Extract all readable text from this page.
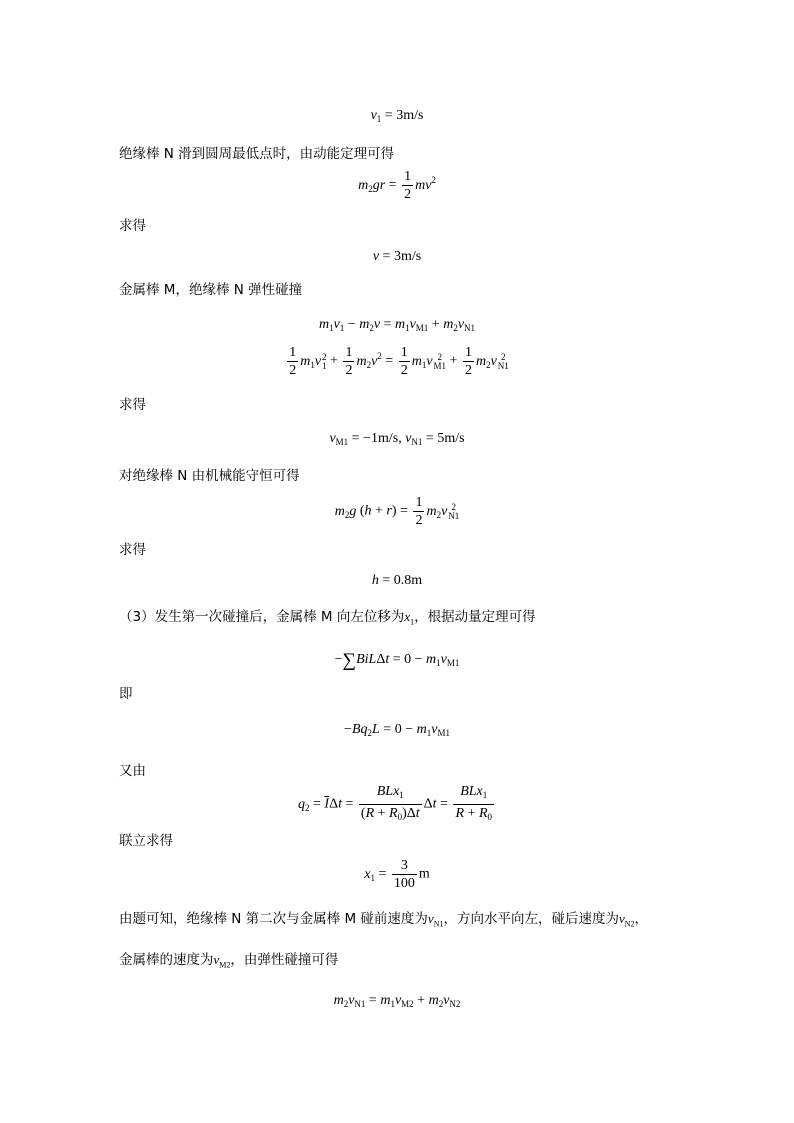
$v_1 = 3m/s$
绝缘棒 N 滑到圆周最低点时，由动能定理可得
$m_2gr = \frac{1}{2} mv^2$
求得
v = 3m/s
金属棒 M，绝缘棒 N 弹性碰撞
$m_1v_1 - m_2v = m_1v_{M1} + m_2v_{N1}$
$\frac{1}{2} m_1v$ 2
$1 + \frac{1}{2} m_2v^2 = \frac{1}{2} m_1v$ 2
$M1 + \frac{1}{2} m_2v$ 2
N1
求得
$v_{M1} = -1m/s$, $v_{N1} = 5m/s$
对绝缘棒 N 由机械能守恒可得
$m_2g$ $(h + r) = \frac{1}{2} m_2v$ 2
N1
求得
h = 0.8m
（3）发生第一次碰撞后，金属棒 M 向左位移为$x_1$，根据动量定理可得
$-\sum BiL\Delta t = 0 - m_1v_{M1}$
即
$-Bq_2L = 0 - m_1v_{M1}$
又由
$q_2 = \overline{I}\Delta t = \frac{BLx_1}{(R + R_0)\Delta t}$ $\Delta t = \frac{BLx_1}{R + R_0}$
联立求得
$x_1 = \frac{3}{100}$ m
由题可知，绝缘棒 N 第二次与金属棒 M 碰前速度为$v_{N1}$，方向水平向左，碰后速度为$v_{N2}$，
金属棒的速度为$v_{M2}$，由弹性碰撞可得
$m_2v_{N1} = m_1v_{M2} + m_2v_{N2}$
